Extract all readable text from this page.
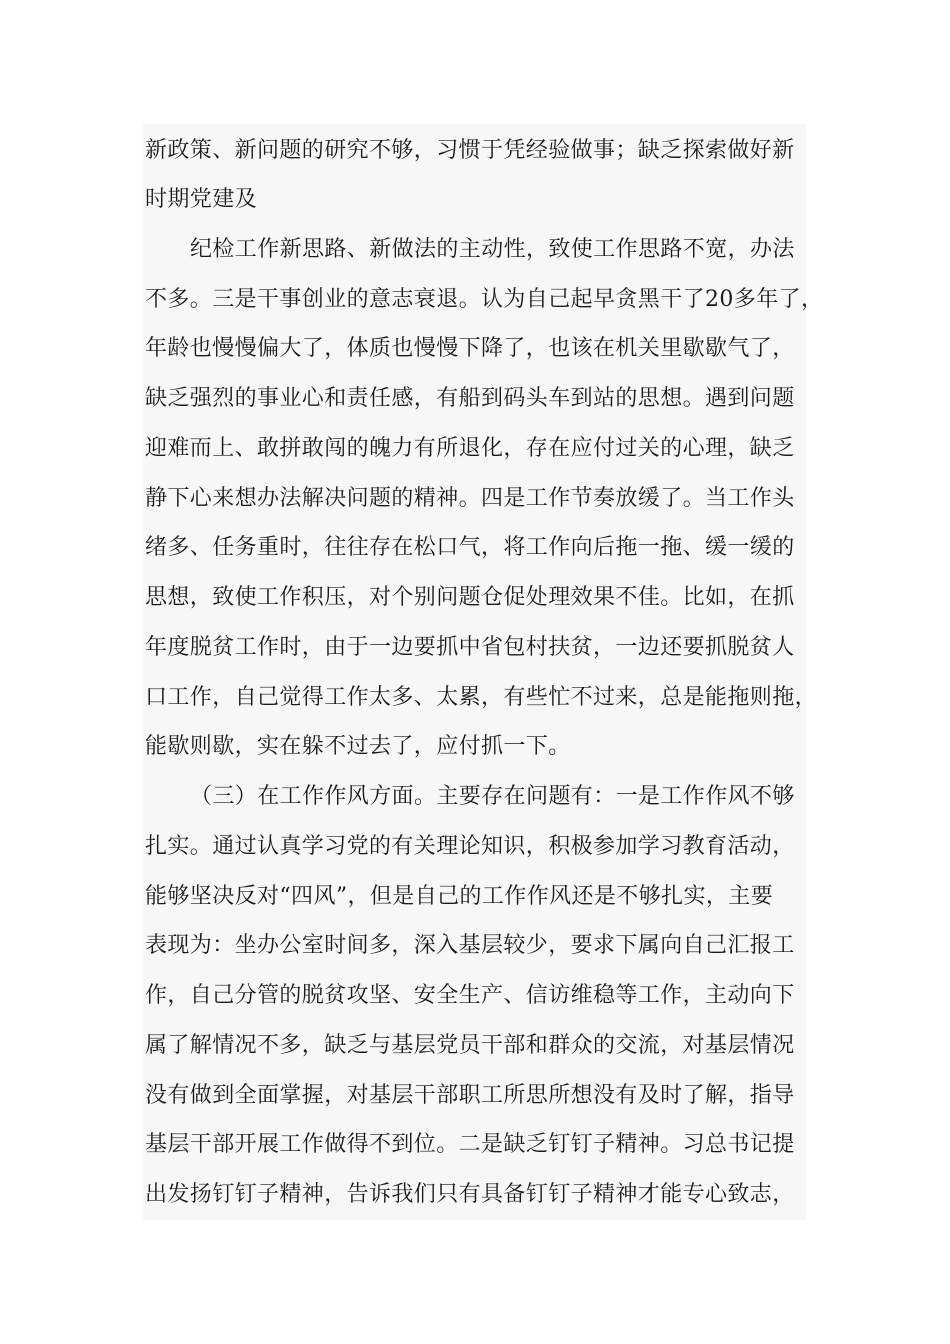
新政策、新问题的研究不够，习惯于凭经验做事；缺乏探索做好新
时期党建及
纪检工作新思路、新做法的主动性，致使工作思路不宽，办法
不多。三是干事创业的意志衰退。认为自己起早贪黑干了20多年了，
年龄也慢慢偏大了，体质也慢慢下降了，也该在机关里歇歇气了，
缺乏强烈的事业心和责任感，有船到码头车到站的思想。遇到问题
迎难而上、敢拼敢闯的魄力有所退化，存在应付过关的心理，缺乏
静下心来想办法解决问题的精神。四是工作节奏放缓了。当工作头
绪多、任务重时，往往存在松口气，将工作向后拖一拖、缓一缓的
思想，致使工作积压，对个别问题仓促处理效果不佳。比如，在抓
年度脱贫工作时，由于一边要抓中省包村扶贫，一边还要抓脱贫人
口工作，自己觉得工作太多、太累，有些忙不过来，总是能拖则拖，
能歇则歇，实在躲不过去了，应付抓一下。
（三）在工作作风方面。主要存在问题有：一是工作作风不够
扎实。通过认真学习党的有关理论知识，积极参加学习教育活动，
能够坚决反对“四风”，但是自己的工作作风还是不够扎实，主要
表现为：坐办公室时间多，深入基层较少，要求下属向自己汇报工
作，自己分管的脱贫攻坚、安全生产、信访维稳等工作，主动向下
属了解情况不多，缺乏与基层党员干部和群众的交流，对基层情况
没有做到全面掌握，对基层干部职工所思所想没有及时了解，指导
基层干部开展工作做得不到位。二是缺乏钉钉子精神。习总书记提
出发扬钉钉子精神，告诉我们只有具备钉钉子精神才能专心致志，
